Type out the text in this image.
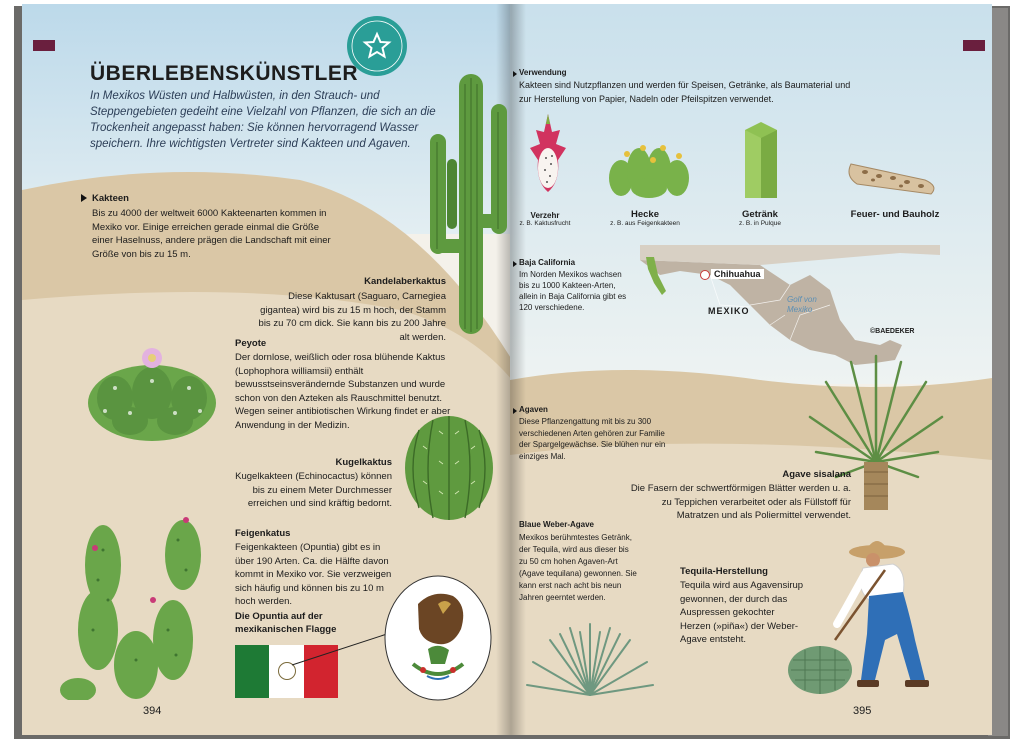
ÜBERLEBENSKÜNSTLER
In Mexikos Wüsten und Halbwüsten, in den Strauch- und Steppengebieten gedeiht eine Vielzahl von Pflanzen, die sich an die Trockenheit angepasst haben: Sie können hervorragend Wasser speichern. Ihre wichtigsten Vertreter sind Kakteen und Agaven.
Kakteen
Bis zu 4000 der weltweit 6000 Kakteenarten kommen in Mexiko vor. Einige erreichen gerade einmal die Größe einer Haselnuss, andere prägen die Landschaft mit einer Größe von bis zu 15 m.
Kandelaberkaktus
Diese Kaktusart (Saguaro, Carnegiea gigantea) wird bis zu 15 m hoch, der Stamm bis zu 70 cm dick. Sie kann bis zu 200 Jahre alt werden.
Peyote
Der dornlose, weißlich oder rosa blühende Kaktus (Lophophora williamsii) enthält bewusstseinsverändernde Substanzen und wurde schon von den Azteken als Rauschmittel benutzt. Wegen seiner antibiotischen Wirkung findet er aber Anwendung in der Medizin.
Kugelkaktus
Kugelkakteen (Echinocactus) können bis zu einem Meter Durchmesser erreichen und sind kräftig bedornt.
Feigenkatus
Feigenkakteen (Opuntia) gibt es in über 190 Arten. Ca. die Hälfte davon kommt in Mexiko vor. Sie verzweigen sich häufig und können bis zu 10 m hoch werden.
Die Opuntia auf der mexikanischen Flagge
394
Verwendung
Kakteen sind Nutzpflanzen und werden für Speisen, Getränke, als Baumaterial und zur Herstellung von Papier, Nadeln oder Pfeilspitzen verwendet.
Verzehr
z. B. Kaktusfrucht
Hecke
z. B. aus Feigenkakteen
Getränk
z. B. in Pulque
Feuer- und Bauholz
Chihuahua
MEXIKO
Golf von Mexiko
©BAEDEKER
Baja California
Im Norden Mexikos wachsen bis zu 1000 Kakteen-Arten, allein in Baja California gibt es 120 verschiedene.
Agaven
Diese Pflanzengattung mit bis zu 300 verschiedenen Arten gehören zur Familie der Spargelgewächse. Sie blühen nur ein einziges Mal.
Agave sisalana
Die Fasern der schwertförmigen Blätter werden u. a. zu Teppichen verarbeitet oder als Füllstoff für Matratzen und als Poliermittel verwendet.
Blaue Weber-Agave
Mexikos berühmtestes Getränk, der Tequila, wird aus dieser bis zu 50 cm hohen Agaven-Art (Agave tequilana) gewonnen. Sie kann erst nach acht bis neun Jahren geerntet werden.
Tequila-Herstellung
Tequila wird aus Agavensirup gewonnen, der durch das Auspressen gekochter Herzen (»piña«) der Weber-Agave entsteht.
395
